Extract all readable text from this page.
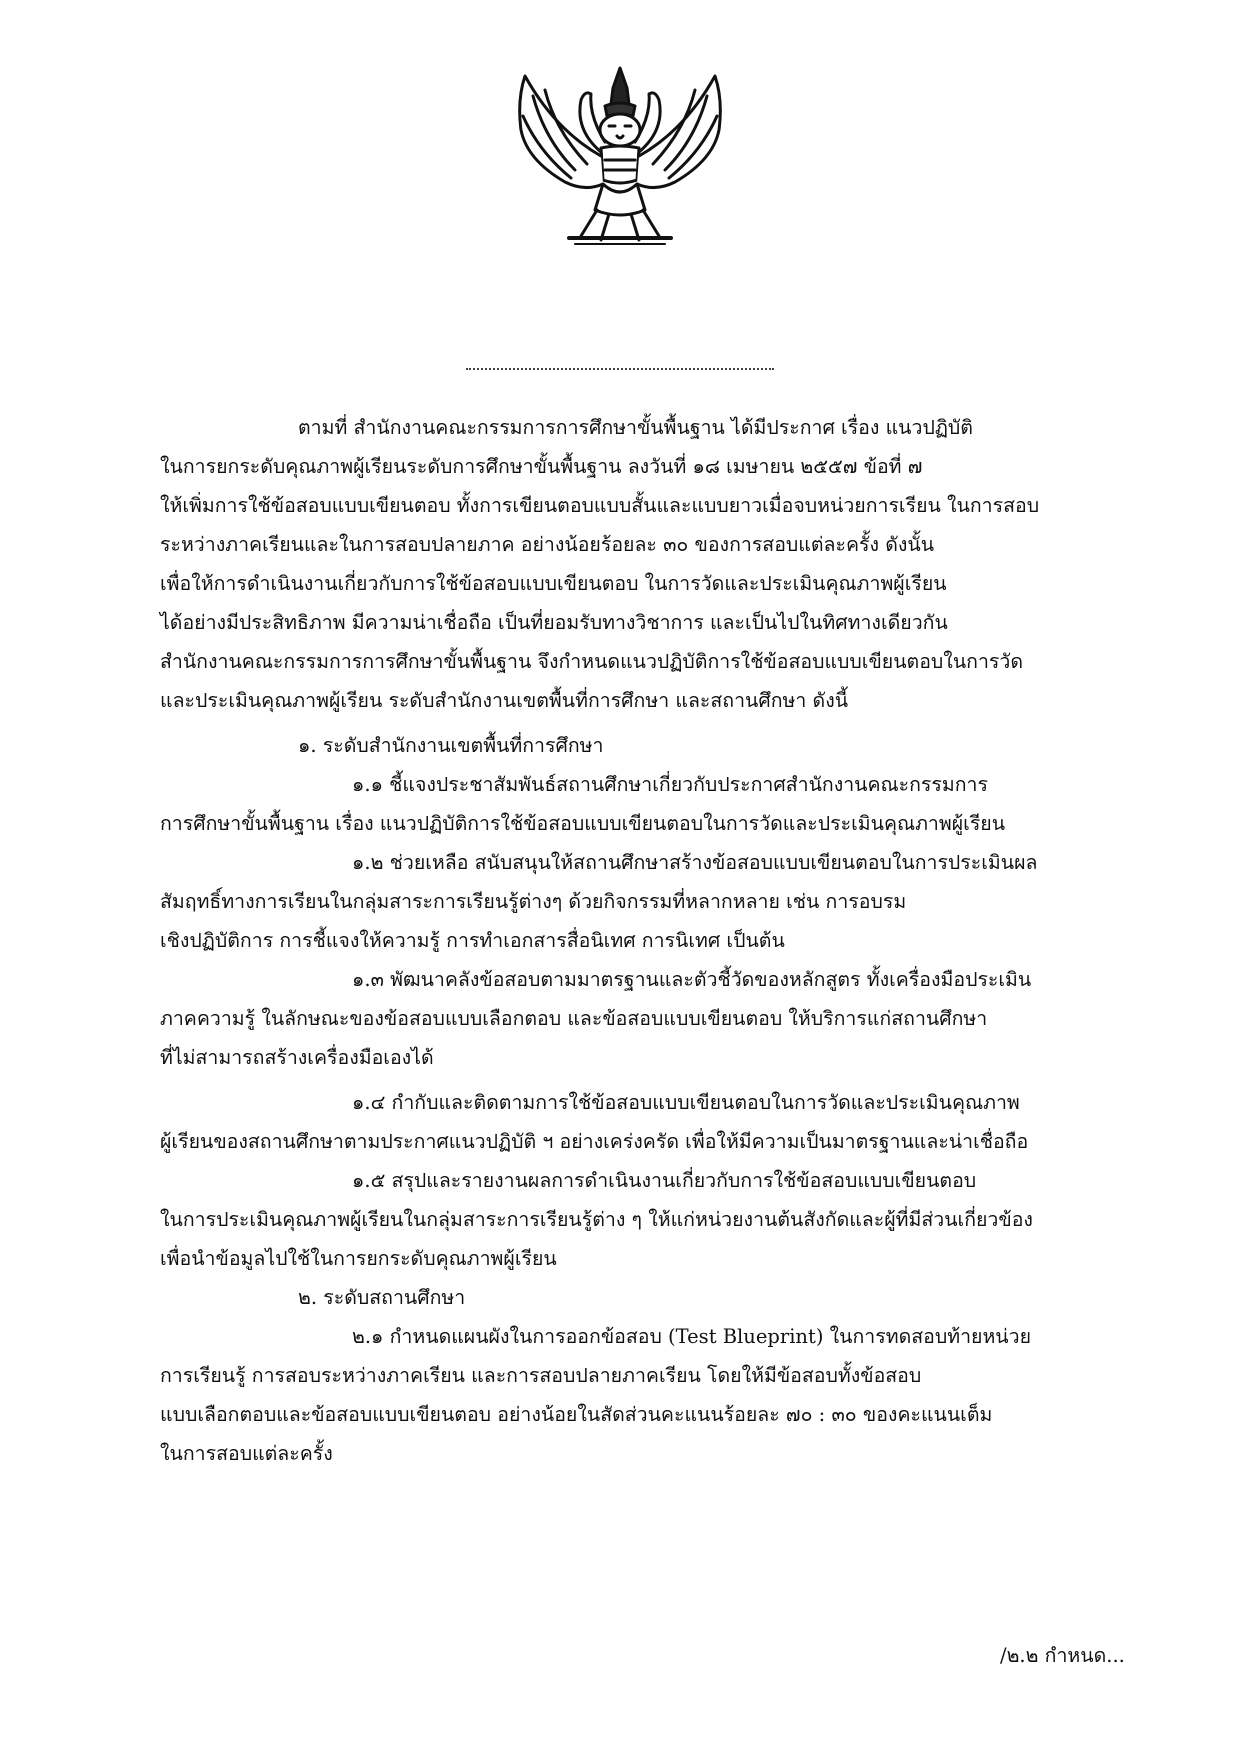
ตามที่ สำนักงานคณะกรรมการการศึกษาขั้นพื้นฐาน ได้มีประกาศ เรื่อง แนวปฏิบัติ
ในการยกระดับคุณภาพผู้เรียนระดับการศึกษาขั้นพื้นฐาน ลงวันที่ ๑๘ เมษายน ๒๕๕๗ ข้อที่ ๗
ให้เพิ่มการใช้ข้อสอบแบบเขียนตอบ ทั้งการเขียนตอบแบบสั้นและแบบยาวเมื่อจบหน่วยการเรียน ในการสอบ
ระหว่างภาคเรียนและในการสอบปลายภาค อย่างน้อยร้อยละ ๓๐ ของการสอบแต่ละครั้ง ดังนั้น
เพื่อให้การดำเนินงานเกี่ยวกับการใช้ข้อสอบแบบเขียนตอบ ในการวัดและประเมินคุณภาพผู้เรียน
ได้อย่างมีประสิทธิภาพ มีความน่าเชื่อถือ เป็นที่ยอมรับทางวิชาการ และเป็นไปในทิศทางเดียวกัน
สำนักงานคณะกรรมการการศึกษาขั้นพื้นฐาน จึงกำหนดแนวปฏิบัติการใช้ข้อสอบแบบเขียนตอบในการวัด
และประเมินคุณภาพผู้เรียน ระดับสำนักงานเขตพื้นที่การศึกษา และสถานศึกษา ดังนี้
๑. ระดับสำนักงานเขตพื้นที่การศึกษา
๑.๑ ชี้แจงประชาสัมพันธ์สถานศึกษาเกี่ยวกับประกาศสำนักงานคณะกรรมการ
การศึกษาขั้นพื้นฐาน เรื่อง แนวปฏิบัติการใช้ข้อสอบแบบเขียนตอบในการวัดและประเมินคุณภาพผู้เรียน
๑.๒ ช่วยเหลือ สนับสนุนให้สถานศึกษาสร้างข้อสอบแบบเขียนตอบในการประเมินผล
สัมฤทธิ์ทางการเรียนในกลุ่มสาระการเรียนรู้ต่างๆ ด้วยกิจกรรมที่หลากหลาย เช่น การอบรม
เชิงปฏิบัติการ การชี้แจงให้ความรู้ การทำเอกสารสื่อนิเทศ การนิเทศ เป็นต้น
๑.๓ พัฒนาคลังข้อสอบตามมาตรฐานและตัวชี้วัดของหลักสูตร ทั้งเครื่องมือประเมิน
ภาคความรู้ ในลักษณะของข้อสอบแบบเลือกตอบ และข้อสอบแบบเขียนตอบ ให้บริการแก่สถานศึกษา
ที่ไม่สามารถสร้างเครื่องมือเองได้
๑.๔ กำกับและติดตามการใช้ข้อสอบแบบเขียนตอบในการวัดและประเมินคุณภาพ
ผู้เรียนของสถานศึกษาตามประกาศแนวปฏิบัติ ฯ อย่างเคร่งครัด เพื่อให้มีความเป็นมาตรฐานและน่าเชื่อถือ
๑.๕ สรุปและรายงานผลการดำเนินงานเกี่ยวกับการใช้ข้อสอบแบบเขียนตอบ
ในการประเมินคุณภาพผู้เรียนในกลุ่มสาระการเรียนรู้ต่าง ๆ ให้แก่หน่วยงานต้นสังกัดและผู้ที่มีส่วนเกี่ยวข้อง
เพื่อนำข้อมูลไปใช้ในการยกระดับคุณภาพผู้เรียน
๒. ระดับสถานศึกษา
๒.๑ กำหนดแผนผังในการออกข้อสอบ (Test Blueprint) ในการทดสอบท้ายหน่วย
การเรียนรู้ การสอบระหว่างภาคเรียน และการสอบปลายภาคเรียน โดยให้มีข้อสอบทั้งข้อสอบ
แบบเลือกตอบและข้อสอบแบบเขียนตอบ อย่างน้อยในสัดส่วนคะแนนร้อยละ ๗๐ : ๓๐ ของคะแนนเต็ม
ในการสอบแต่ละครั้ง
/๒.๒ กำหนด...
